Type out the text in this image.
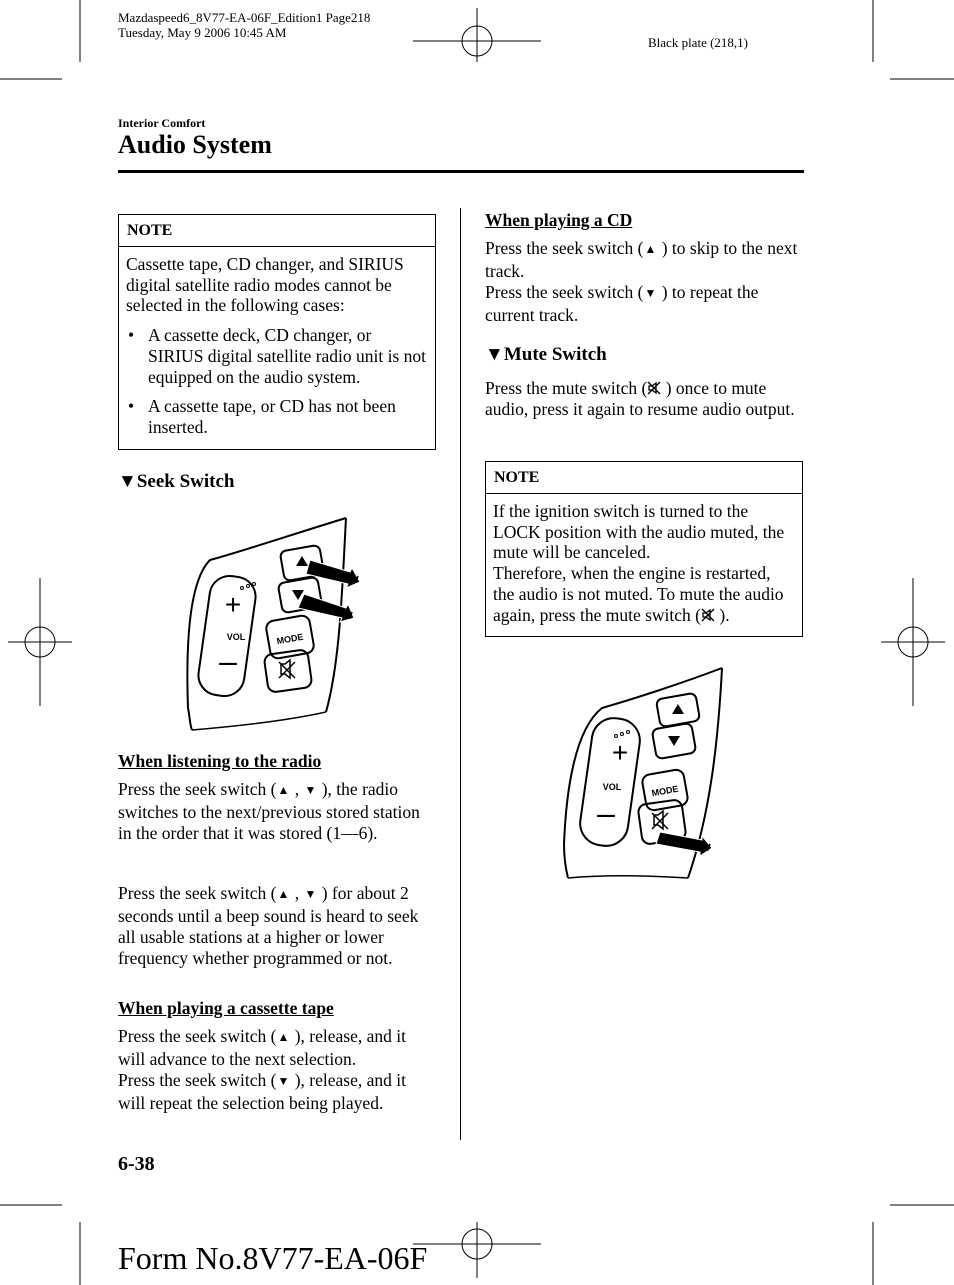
Mazdaspeed6_8V77-EA-06F_Edition1 Page218
Tuesday, May 9 2006 10:45 AM
Black plate (218,1)
Interior Comfort
Audio System
NOTE
Cassette tape, CD changer, and SIRIUS digital satellite radio modes cannot be selected in the following cases:
• A cassette deck, CD changer, or SIRIUS digital satellite radio unit is not equipped on the audio system.
• A cassette tape, or CD has not been inserted.
▼Seek Switch
+
–
VOL	MODE
When listening to the radio
Press the seek switch (▲ , ▼ ), the radio switches to the next/previous stored station in the order that it was stored (1—6).
Press the seek switch (▲ , ▼ ) for about 2 seconds until a beep sound is heard to seek all usable stations at a higher or lower frequency whether programmed or not.
When playing a cassette tape
Press the seek switch (▲ ), release, and it will advance to the next selection.
Press the seek switch (▼ ), release, and it will repeat the selection being played.
When playing a CD
Press the seek switch (▲ ) to skip to the next track.
Press the seek switch (▼ ) to repeat the current track.
▼Mute Switch
Press the mute switch ( ) once to mute audio, press it again to resume audio output.
NOTE
If the ignition switch is turned to the LOCK position with the audio muted, the mute will be canceled.
Therefore, when the engine is restarted, the audio is not muted. To mute the audio again, press the mute switch ( ).
+
–
VOL	MODE
6-38
Form No.8V77-EA-06F
